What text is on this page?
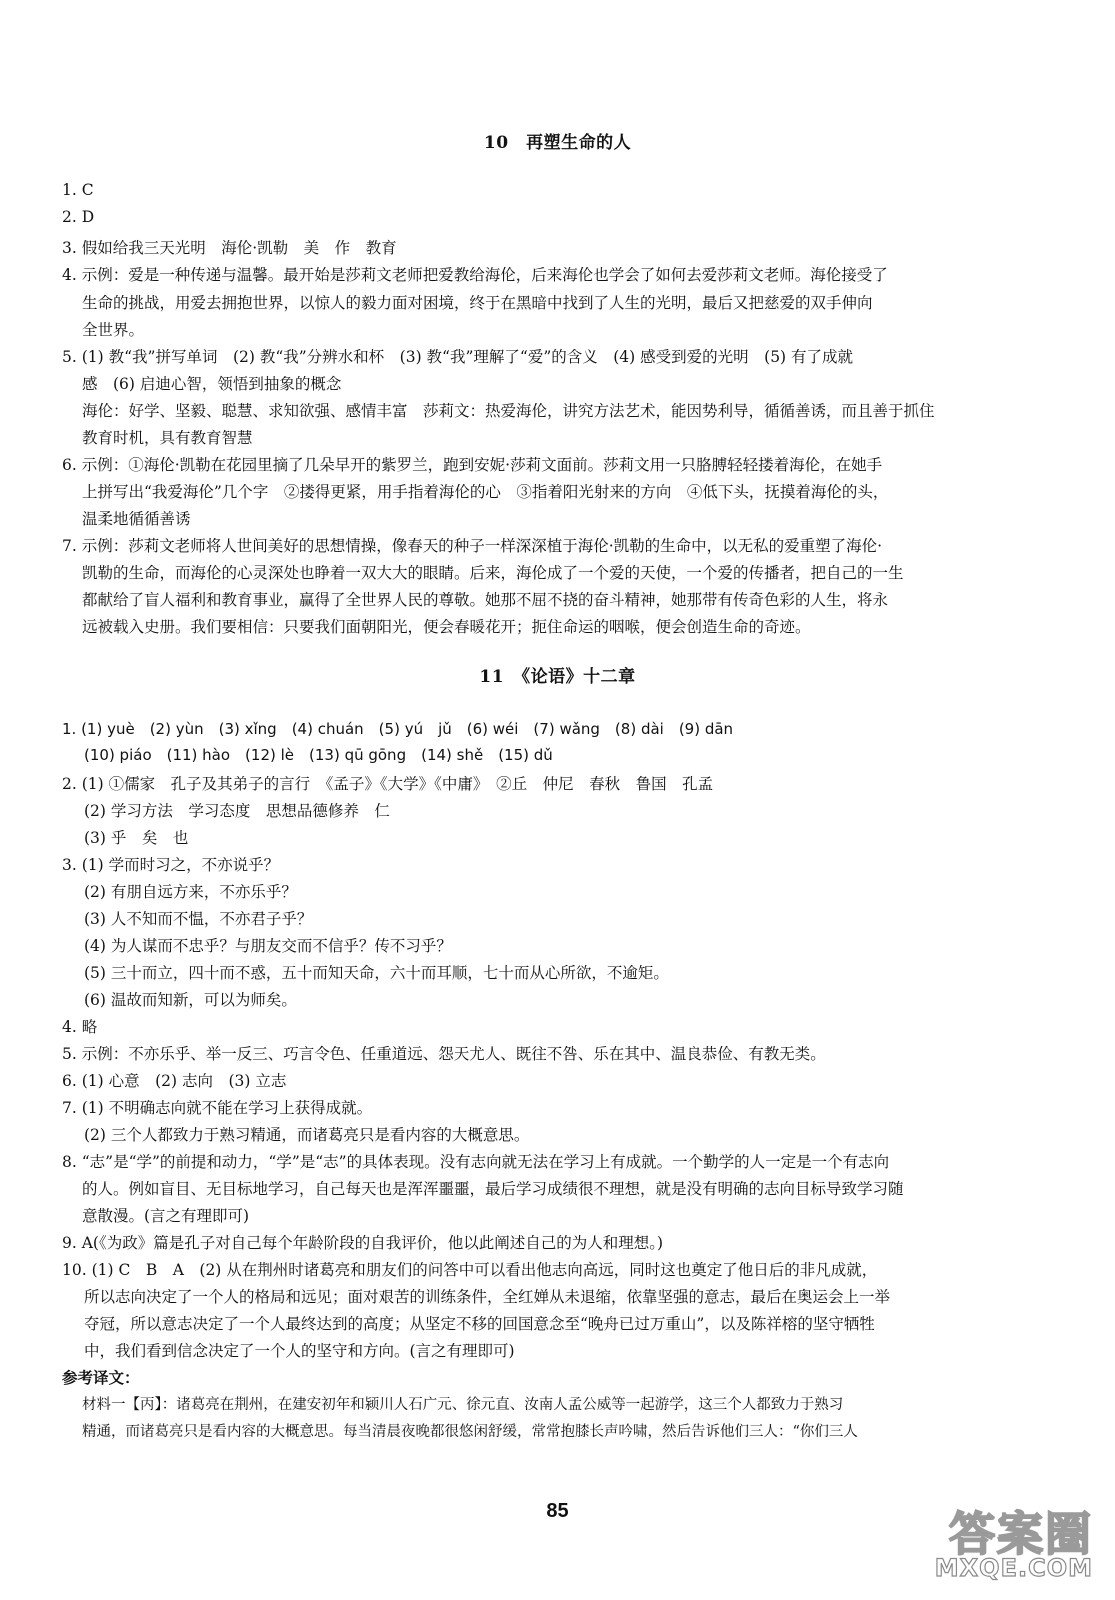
10　再塑生命的人
1. C
2. D
3. 假如给我三天光明　海伦·凯勒　美　作　教育
4. 示例：爱是一种传递与温馨。最开始是莎莉文老师把爱教给海伦，后来海伦也学会了如何去爱莎莉文老师。海伦接受了
生命的挑战，用爱去拥抱世界，以惊人的毅力面对困境，终于在黑暗中找到了人生的光明，最后又把慈爱的双手伸向
全世界。
5. (1) 教“我”拼写单词　(2) 教“我”分辨水和杯　(3) 教“我”理解了“爱”的含义　(4) 感受到爱的光明　(5) 有了成就
感　(6) 启迪心智，领悟到抽象的概念
海伦：好学、坚毅、聪慧、求知欲强、感情丰富　莎莉文：热爱海伦，讲究方法艺术，能因势利导，循循善诱，而且善于抓住
教育时机，具有教育智慧
6. 示例：①海伦·凯勒在花园里摘了几朵早开的紫罗兰，跑到安妮·莎莉文面前。莎莉文用一只胳膊轻轻搂着海伦，在她手
上拼写出“我爱海伦”几个字　②搂得更紧，用手指着海伦的心　③指着阳光射来的方向　④低下头，抚摸着海伦的头，
温柔地循循善诱
7. 示例：莎莉文老师将人世间美好的思想情操，像春天的种子一样深深植于海伦·凯勒的生命中，以无私的爱重塑了海伦·
凯勒的生命，而海伦的心灵深处也睁着一双大大的眼睛。后来，海伦成了一个爱的天使，一个爱的传播者，把自己的一生
都献给了盲人福利和教育事业，赢得了全世界人民的尊敬。她那不屈不挠的奋斗精神，她那带有传奇色彩的人生，将永
远被载入史册。我们要相信：只要我们面朝阳光，便会春暖花开；扼住命运的咽喉，便会创造生命的奇迹。
11　《论语》十二章
1. (1) yuè　(2) yùn　(3) xǐng　(4) chuán　(5) yú　jǔ　(6) wéi　(7) wǎng　(8) dài　(9) dān
(10) piáo　(11) hào　(12) lè　(13) qū gōng　(14) shě　(15) dǔ
2. (1) ①儒家　孔子及其弟子的言行　《孟子》《大学》《中庸》　②丘　仲尼　春秋　鲁国　孔孟
(2) 学习方法　学习态度　思想品德修养　仁
(3) 乎　矣　也
3. (1) 学而时习之，不亦说乎？
(2) 有朋自远方来，不亦乐乎？
(3) 人不知而不愠，不亦君子乎？
(4) 为人谋而不忠乎？与朋友交而不信乎？传不习乎？
(5) 三十而立，四十而不惑，五十而知天命，六十而耳顺，七十而从心所欲，不逾矩。
(6) 温故而知新，可以为师矣。
4. 略
5. 示例：不亦乐乎、举一反三、巧言令色、任重道远、怨天尤人、既往不咎、乐在其中、温良恭俭、有教无类。
6. (1) 心意　(2) 志向　(3) 立志
7. (1) 不明确志向就不能在学习上获得成就。
(2) 三个人都致力于熟习精通，而诸葛亮只是看内容的大概意思。
8. “志”是“学”的前提和动力，“学”是“志”的具体表现。没有志向就无法在学习上有成就。一个勤学的人一定是一个有志向
的人。例如盲目、无目标地学习，自己每天也是浑浑噩噩，最后学习成绩很不理想，就是没有明确的志向目标导致学习随
意散漫。(言之有理即可)
9. A(《为政》篇是孔子对自己每个年龄阶段的自我评价，他以此阐述自己的为人和理想。)
10. (1) C　B　A　(2) 从在荆州时诸葛亮和朋友们的问答中可以看出他志向高远，同时这也奠定了他日后的非凡成就，
所以志向决定了一个人的格局和远见；面对艰苦的训练条件，全红婵从未退缩，依靠坚强的意志，最后在奥运会上一举
夺冠，所以意志决定了一个人最终达到的高度；从坚定不移的回国意念至“晚舟已过万重山”，以及陈祥榕的坚守牺牲
中，我们看到信念决定了一个人的坚守和方向。(言之有理即可)
参考译文：
材料一【丙】：诸葛亮在荆州，在建安初年和颍川人石广元、徐元直、汝南人孟公威等一起游学，这三个人都致力于熟习
精通，而诸葛亮只是看内容的大概意思。每当清晨夜晚都很悠闲舒缓，常常抱膝长声吟啸，然后告诉他们三人：“你们三人
85	答案圈
MXQE.COM
